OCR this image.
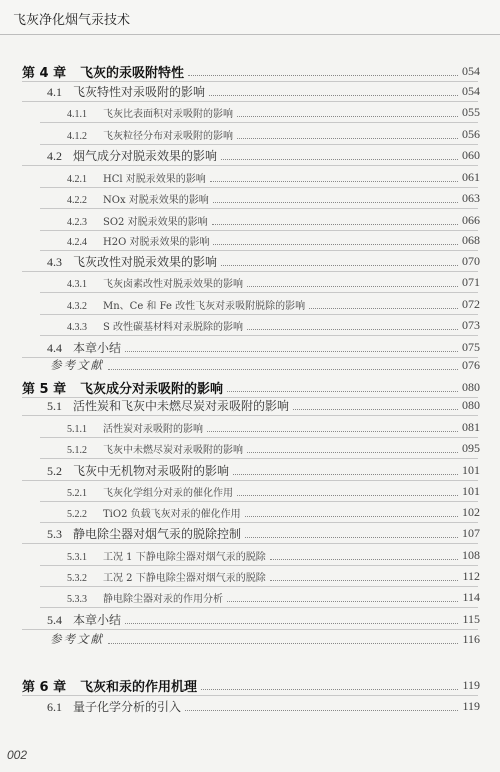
飞灰净化烟气汞技术
第 4 章 飞灰的汞吸附特性	054
4.1 飞灰特性对汞吸附的影响	054
4.1.1 飞灰比表面积对汞吸附的影响	055
4.1.2 飞灰粒径分布对汞吸附的影响	056
4.2 烟气成分对脱汞效果的影响	060
4.2.1 HCl 对脱汞效果的影响	061
4.2.2 NOx 对脱汞效果的影响	063
4.2.3 SO2 对脱汞效果的影响	066
4.2.4 H2O 对脱汞效果的影响	068
4.3 飞灰改性对脱汞效果的影响	070
4.3.1 飞灰卤素改性对脱汞效果的影响	071
4.3.2 Mn、Ce 和 Fe 改性飞灰对汞吸附脱除的影响	072
4.3.3 S 改性碳基材料对汞脱除的影响	073
4.4 本章小结	075
参考文献	076
第 5 章 飞灰成分对汞吸附的影响	080
5.1 活性炭和飞灰中未燃尽炭对汞吸附的影响	080
5.1.1 活性炭对汞吸附的影响	081
5.1.2 飞灰中未燃尽炭对汞吸附的影响	095
5.2 飞灰中无机物对汞吸附的影响	101
5.2.1 飞灰化学组分对汞的催化作用	101
5.2.2 TiO2 负载飞灰对汞的催化作用	102
5.3 静电除尘器对烟气汞的脱除控制	107
5.3.1 工况 1 下静电除尘器对烟气汞的脱除	108
5.3.2 工况 2 下静电除尘器对烟气汞的脱除	112
5.3.3 静电除尘器对汞的作用分析	114
5.4 本章小结	115
参考文献	116
第 6 章 飞灰和汞的作用机理	119
6.1 量子化学分析的引入	119
002
